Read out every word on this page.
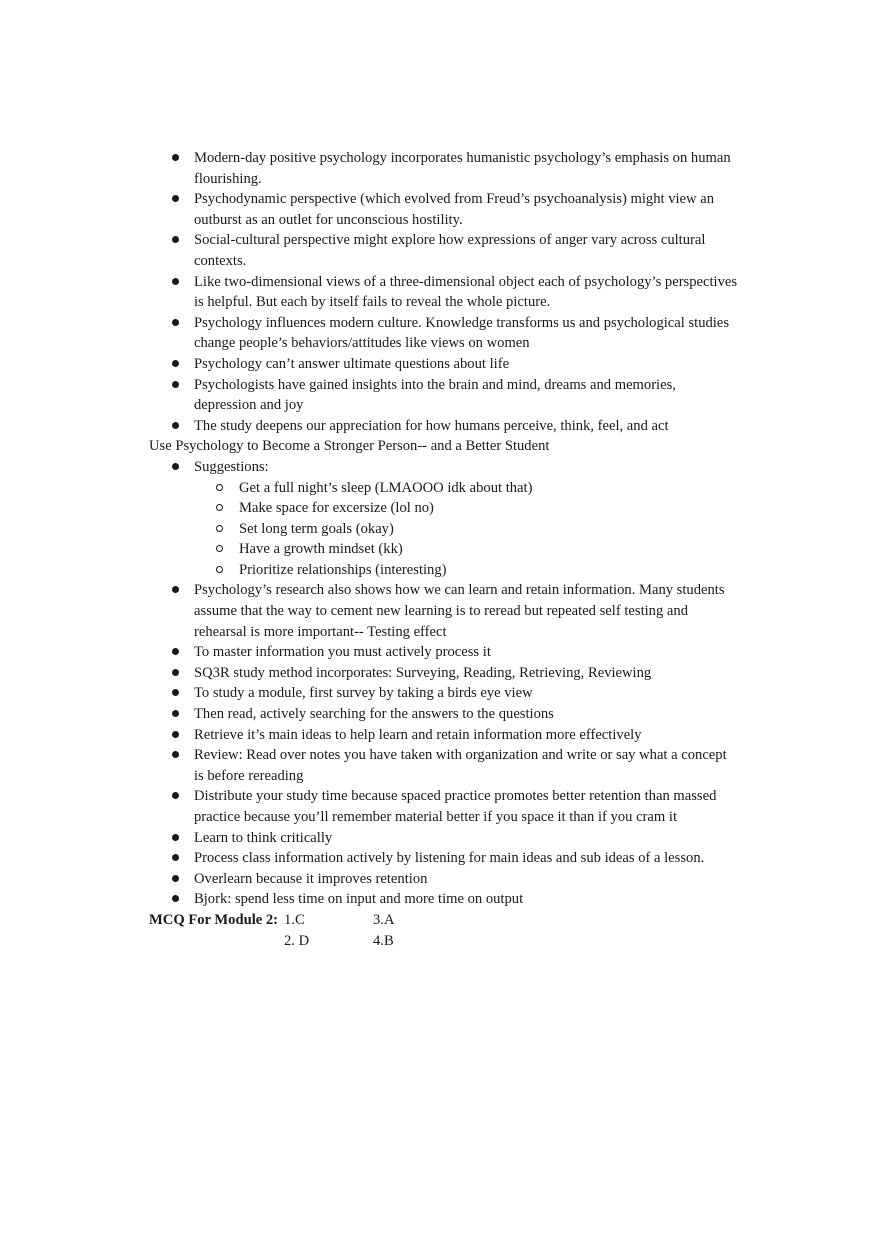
Modern-day positive psychology incorporates humanistic psychology’s emphasis on human flourishing.
Psychodynamic perspective (which evolved from Freud’s psychoanalysis) might view an outburst as an outlet for unconscious hostility.
Social-cultural perspective might explore how expressions of anger vary across cultural contexts.
Like two-dimensional views of a three-dimensional object each of psychology’s perspectives is helpful. But each by itself fails to reveal the whole picture.
Psychology influences modern culture. Knowledge transforms us and psychological studies change people’s behaviors/attitudes like views on women
Psychology can’t answer ultimate questions about life
Psychologists have gained insights into the brain and mind, dreams and memories, depression and joy
The study deepens our appreciation for how humans perceive, think, feel, and act
Use Psychology to Become a Stronger Person-- and a Better Student
Suggestions:
Get a full night’s sleep (LMAOOO idk about that)
Make space for excersize (lol no)
Set long term goals (okay)
Have a growth mindset (kk)
Prioritize relationships (interesting)
Psychology’s research also shows how we can learn and retain information. Many students assume that the way to cement new learning is to reread but repeated self testing and rehearsal is more important-- Testing effect
To master information you must actively process it
SQ3R study method incorporates: Surveying, Reading, Retrieving, Reviewing
To study a module, first survey by taking a birds eye view
Then read, actively searching for the answers to the questions
Retrieve it’s main ideas to help learn and retain information more effectively
Review: Read over notes you have taken with organization and write or say what a concept is before rereading
Distribute your study time because spaced practice promotes better retention than massed practice because you’ll remember material better if you space it than if you cram it
Learn to think critically
Process class information actively by listening for main ideas and sub ideas of a lesson.
Overlearn because it improves retention
Bjork: spend less time on input and more time on output
MCQ For Module 2: 1.C
2. D
3.A
4.B
